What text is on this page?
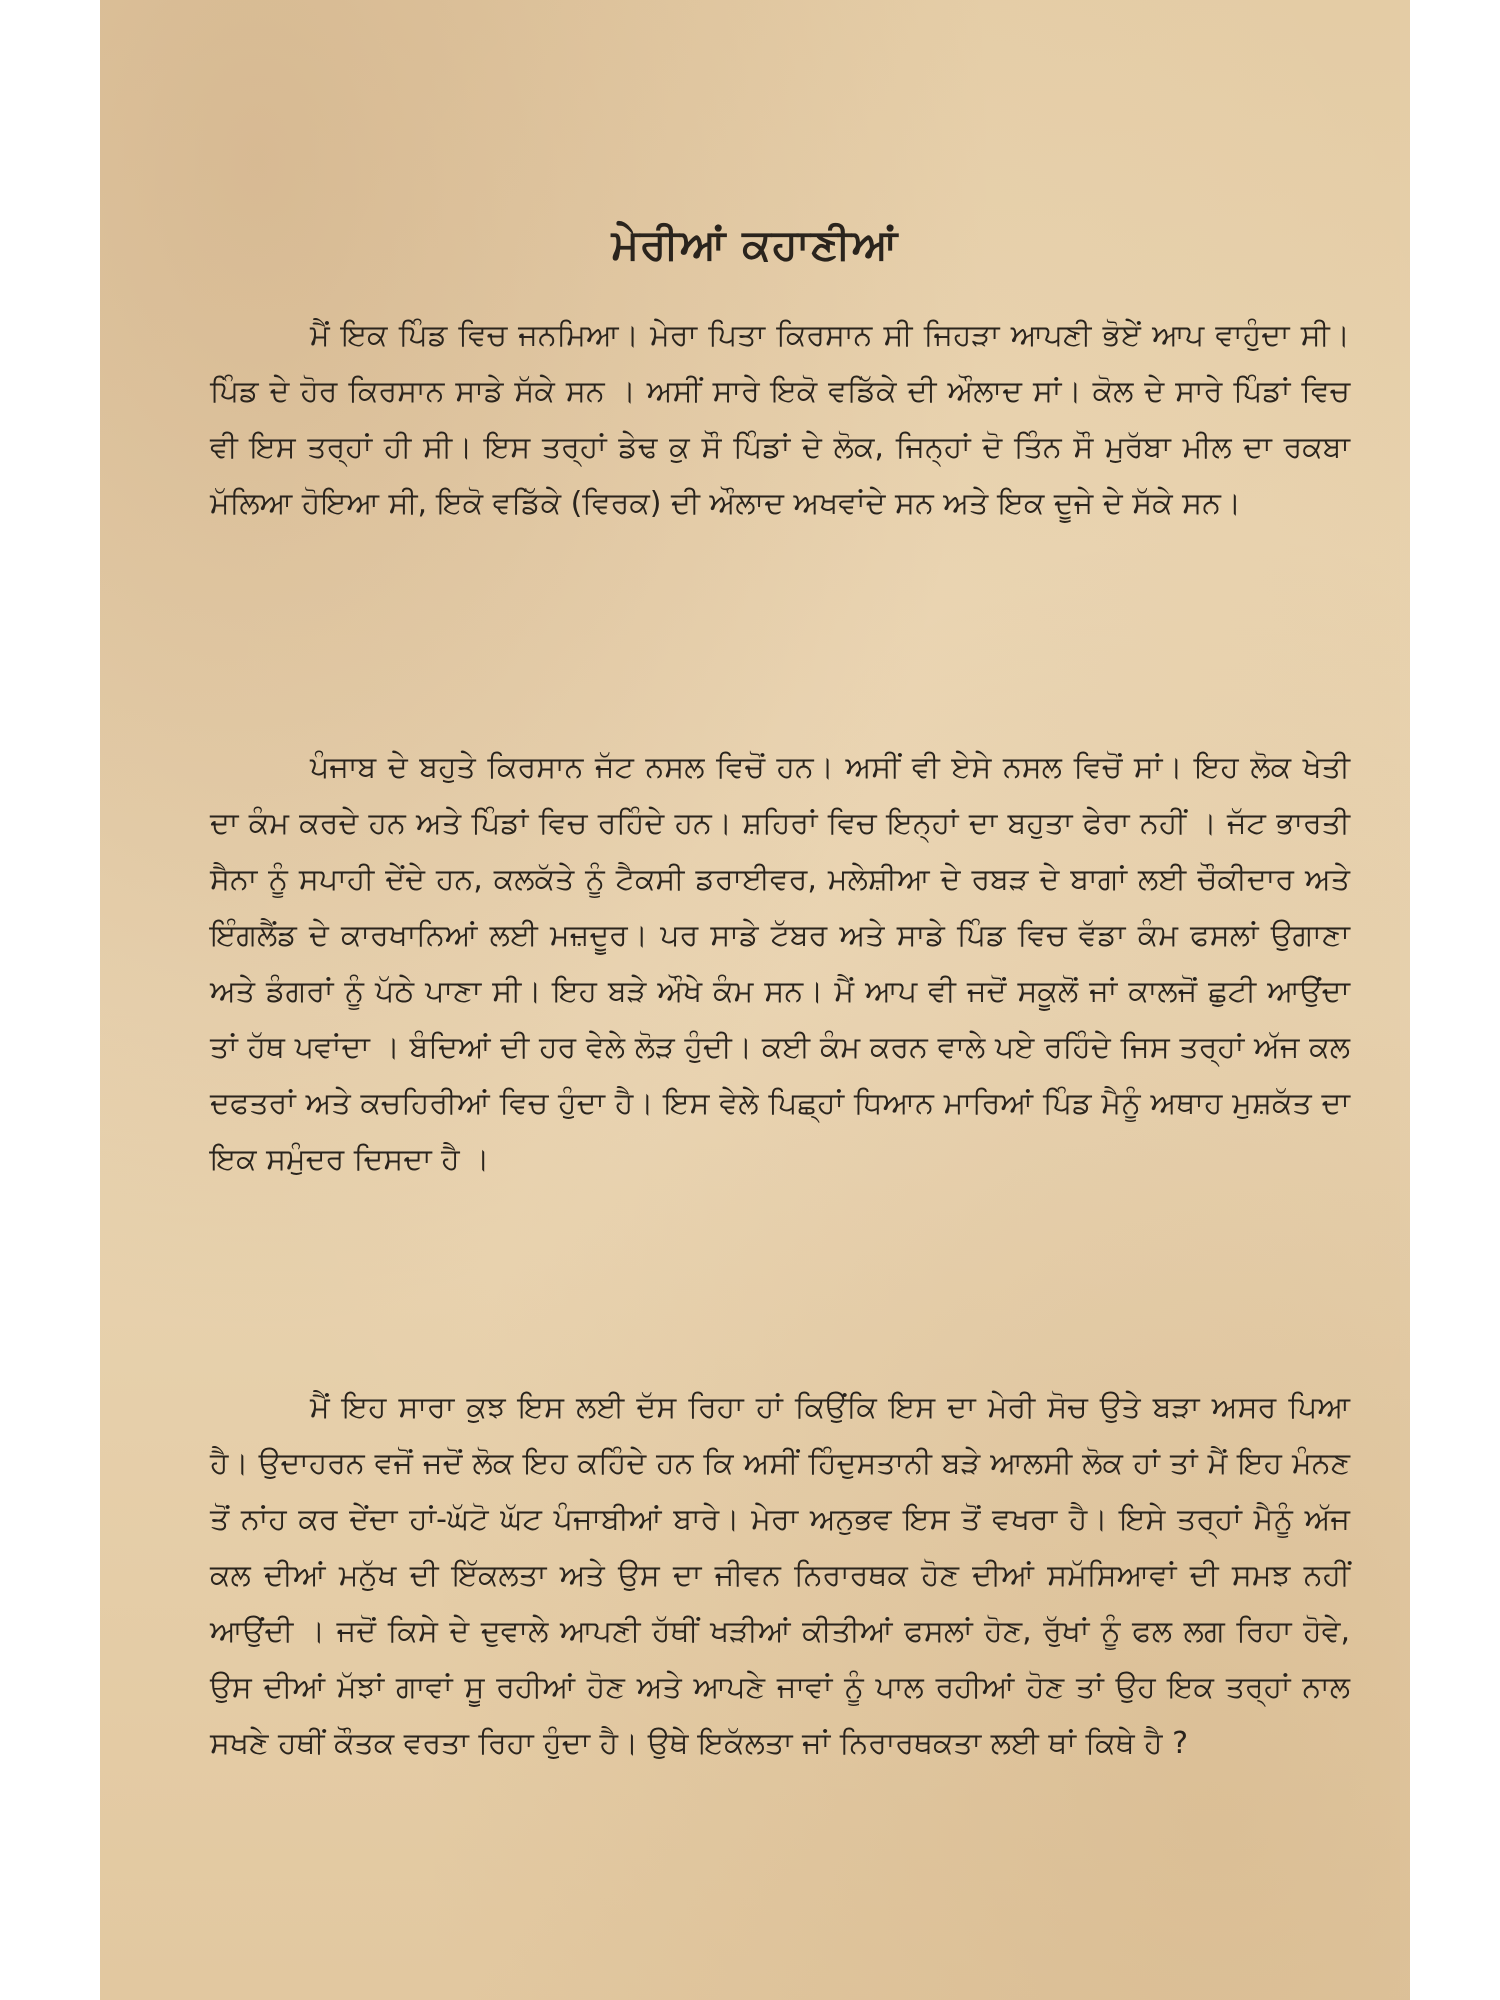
ਮੇਰੀਆਂ ਕਹਾਣੀਆਂ

ਮੈਂ ਇਕ ਪਿੰਡ ਵਿਚ ਜਨਮਿਆ। ਮੇਰਾ ਪਿਤਾ ਕਿਰਸਾਨ ਸੀ ਜਿਹੜਾ ਆਪਣੀ ਭੋਏਂ ਆਪ ਵਾਹੁੰਦਾ ਸੀ। ਪਿੰਡ ਦੇ ਹੋਰ ਕਿਰਸਾਨ ਸਾਡੇ ਸੱਕੇ ਸਨ । ਅਸੀਂ ਸਾਰੇ ਇਕੋ ਵਡਿੱਕੇ ਦੀ ਔਲਾਦ ਸਾਂ। ਕੋਲ ਦੇ ਸਾਰੇ ਪਿੰਡਾਂ ਵਿਚ ਵੀ ਇਸ ਤਰ੍ਹਾਂ ਹੀ ਸੀ। ਇਸ ਤਰ੍ਹਾਂ ਡੇਢ ਕੁ ਸੌ ਪਿੰਡਾਂ ਦੇ ਲੋਕ, ਜਿਨ੍ਹਾਂ ਦੋ ਤਿੰਨ ਸੌ ਮੁਰੱਬਾ ਮੀਲ ਦਾ ਰਕਬਾ ਮੱਲਿਆ ਹੋਇਆ ਸੀ, ਇਕੋ ਵਡਿੱਕੇ (ਵਿਰਕ) ਦੀ ਔਲਾਦ ਅਖਵਾਂਦੇ ਸਨ ਅਤੇ ਇਕ ਦੂਜੇ ਦੇ ਸੱਕੇ ਸਨ।

ਪੰਜਾਬ ਦੇ ਬਹੁਤੇ ਕਿਰਸਾਨ ਜੱਟ ਨਸਲ ਵਿਚੋਂ ਹਨ। ਅਸੀਂ ਵੀ ਏਸੇ ਨਸਲ ਵਿਚੋਂ ਸਾਂ। ਇਹ ਲੋਕ ਖੇਤੀ ਦਾ ਕੰਮ ਕਰਦੇ ਹਨ ਅਤੇ ਪਿੰਡਾਂ ਵਿਚ ਰਹਿੰਦੇ ਹਨ। ਸ਼ਹਿਰਾਂ ਵਿਚ ਇਨ੍ਹਾਂ ਦਾ ਬਹੁਤਾ ਫੇਰਾ ਨਹੀਂ । ਜੱਟ ਭਾਰਤੀ ਸੈਨਾ ਨੂੰ ਸਪਾਹੀ ਦੇਂਦੇ ਹਨ, ਕਲਕੱਤੇ ਨੂੰ ਟੈਕਸੀ ਡਰਾਈਵਰ, ਮਲੇਸ਼ੀਆ ਦੇ ਰਬੜ ਦੇ ਬਾਗਾਂ ਲਈ ਚੌਕੀਦਾਰ ਅਤੇ ਇੰਗਲੈਂਡ ਦੇ ਕਾਰਖਾਨਿਆਂ ਲਈ ਮਜ਼ਦੂਰ। ਪਰ ਸਾਡੇ ਟੱਬਰ ਅਤੇ ਸਾਡੇ ਪਿੰਡ ਵਿਚ ਵੱਡਾ ਕੰਮ ਫਸਲਾਂ ਉਗਾਣਾ ਅਤੇ ਡੰਗਰਾਂ ਨੂੰ ਪੱਠੇ ਪਾਣਾ ਸੀ। ਇਹ ਬੜੇ ਔਖੇ ਕੰਮ ਸਨ। ਮੈਂ ਆਪ ਵੀ ਜਦੋਂ ਸਕੂਲੋਂ ਜਾਂ ਕਾਲਜੋਂ ਛੁਟੀ ਆਉਂਦਾ ਤਾਂ ਹੱਥ ਪਵਾਂਦਾ । ਬੰਦਿਆਂ ਦੀ ਹਰ ਵੇਲੇ ਲੋੜ ਹੁੰਦੀ। ਕਈ ਕੰਮ ਕਰਨ ਵਾਲੇ ਪਏ ਰਹਿੰਦੇ ਜਿਸ ਤਰ੍ਹਾਂ ਅੱਜ ਕਲ ਦਫਤਰਾਂ ਅਤੇ ਕਚਹਿਰੀਆਂ ਵਿਚ ਹੁੰਦਾ ਹੈ। ਇਸ ਵੇਲੇ ਪਿਛ੍ਹਾਂ ਧਿਆਨ ਮਾਰਿਆਂ ਪਿੰਡ ਮੈਨੂੰ ਅਥਾਹ ਮੁਸ਼ਕੱਤ ਦਾ ਇਕ ਸਮੁੰਦਰ ਦਿਸਦਾ ਹੈ ।

ਮੈਂ ਇਹ ਸਾਰਾ ਕੁਝ ਇਸ ਲਈ ਦੱਸ ਰਿਹਾ ਹਾਂ ਕਿਉਂਕਿ ਇਸ ਦਾ ਮੇਰੀ ਸੋਚ ਉਤੇ ਬੜਾ ਅਸਰ ਪਿਆ ਹੈ। ਉਦਾਹਰਨ ਵਜੋਂ ਜਦੋਂ ਲੋਕ ਇਹ ਕਹਿੰਦੇ ਹਨ ਕਿ ਅਸੀਂ ਹਿੰਦੁਸਤਾਨੀ ਬੜੇ ਆਲਸੀ ਲੋਕ ਹਾਂ ਤਾਂ ਮੈਂ ਇਹ ਮੰਨਣ ਤੋਂ ਨਾਂਹ ਕਰ ਦੇਂਦਾ ਹਾਂ-ਘੱਟੋ ਘੱਟ ਪੰਜਾਬੀਆਂ ਬਾਰੇ। ਮੇਰਾ ਅਨੁਭਵ ਇਸ ਤੋਂ ਵਖਰਾ ਹੈ। ਇਸੇ ਤਰ੍ਹਾਂ ਮੈਨੂੰ ਅੱਜ ਕਲ ਦੀਆਂ ਮਨੁੱਖ ਦੀ ਇੱਕਲਤਾ ਅਤੇ ਉਸ ਦਾ ਜੀਵਨ ਨਿਰਾਰਥਕ ਹੋਣ ਦੀਆਂ ਸਮੱਸਿਆਵਾਂ ਦੀ ਸਮਝ ਨਹੀਂ ਆਉਂਦੀ । ਜਦੋਂ ਕਿਸੇ ਦੇ ਦੁਵਾਲੇ ਆਪਣੀ ਹੱਥੀਂ ਖੜੀਆਂ ਕੀਤੀਆਂ ਫਸਲਾਂ ਹੋਣ, ਰੁੱਖਾਂ ਨੂੰ ਫਲ ਲਗ ਰਿਹਾ ਹੋਵੇ, ਉਸ ਦੀਆਂ ਮੱਝਾਂ ਗਾਵਾਂ ਸੂ ਰਹੀਆਂ ਹੋਣ ਅਤੇ ਆਪਣੇ ਜਾਵਾਂ ਨੂੰ ਪਾਲ ਰਹੀਆਂ ਹੋਣ ਤਾਂ ਉਹ ਇਕ ਤਰ੍ਹਾਂ ਨਾਲ ਸਖਣੇ ਹਥੀਂ ਕੌਤਕ ਵਰਤਾ ਰਿਹਾ ਹੁੰਦਾ ਹੈ। ਉਥੇ ਇਕੱਲਤਾ ਜਾਂ ਨਿਰਾਰਥਕਤਾ ਲਈ ਥਾਂ ਕਿਥੇ ਹੈ ?
